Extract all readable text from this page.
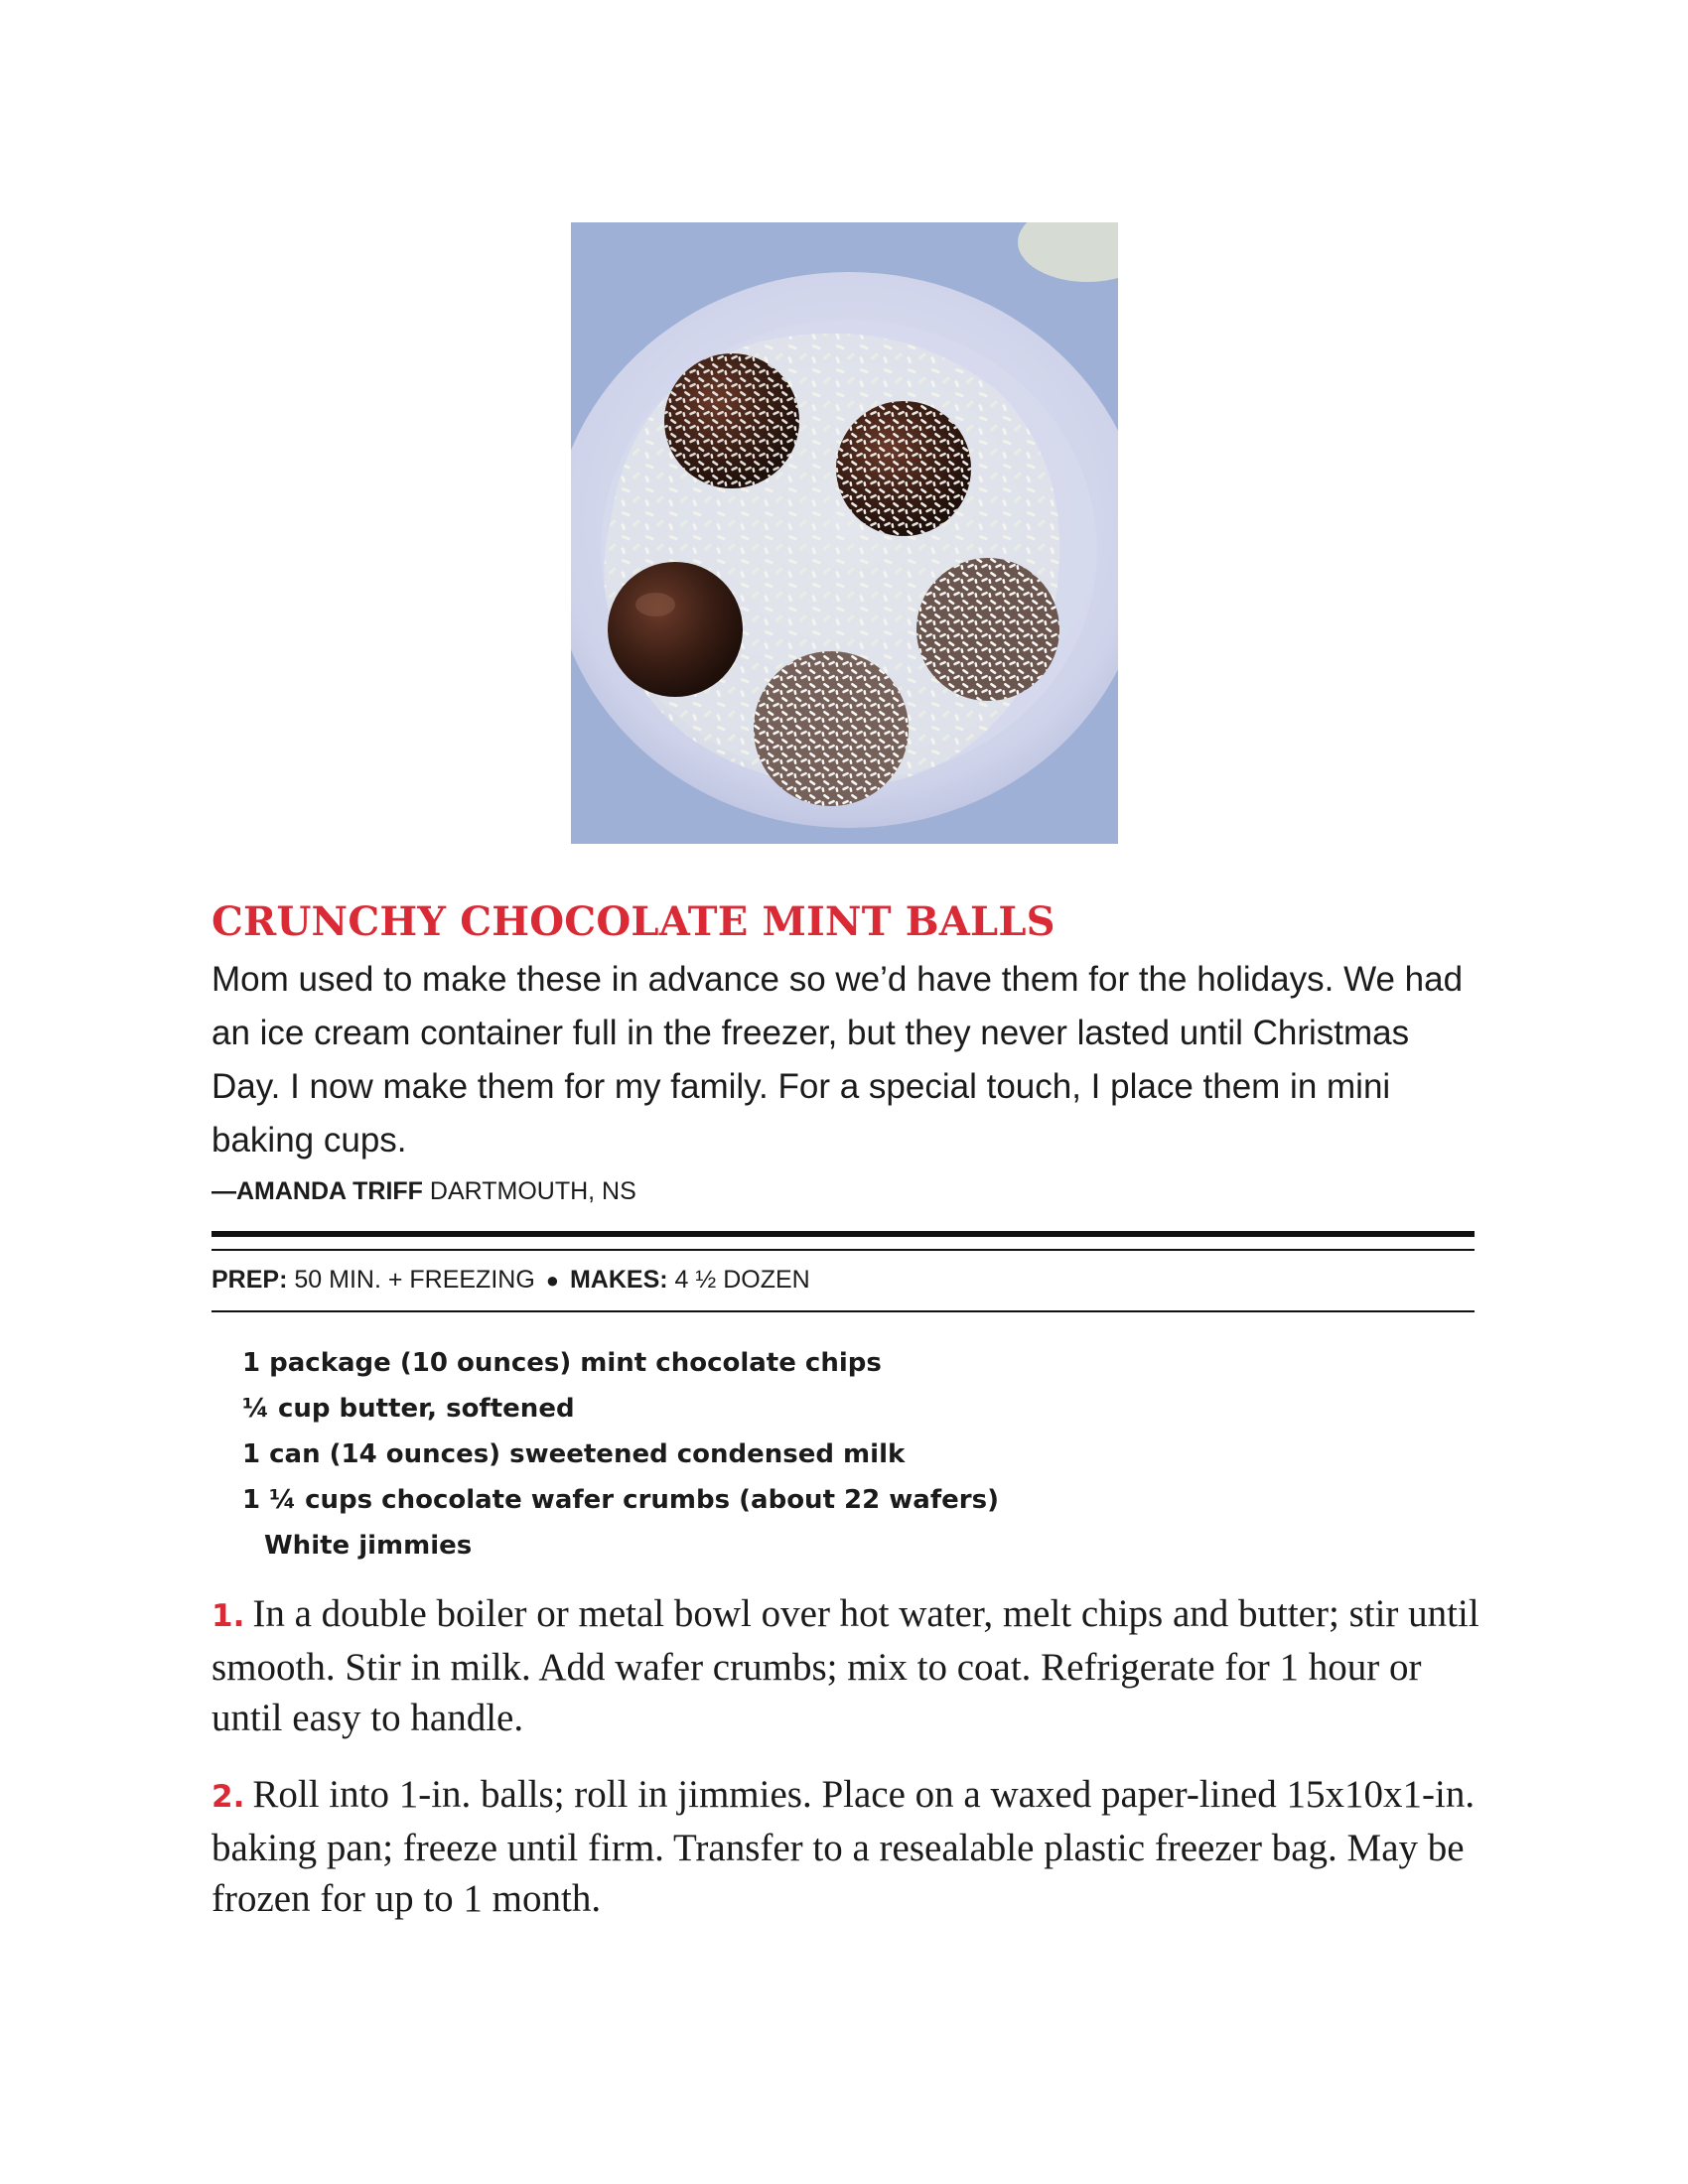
CRUNCHY CHOCOLATE MINT BALLS

Mom used to make these in advance so we’d have them for the holidays. We had an ice cream container full in the freezer, but they never lasted until Christmas Day. I now make them for my family. For a special touch, I place them in mini baking cups.

—AMANDA TRIFF DARTMOUTH, NS
PREP: 50 MIN. + FREEZING ● MAKES: 4 ½ DOZEN
1 package (10 ounces) mint chocolate chips
¼ cup butter, softened
1 can (14 ounces) sweetened condensed milk
1 ¼ cups chocolate wafer crumbs (about 22 wafers)
White jimmies

1. In a double boiler or metal bowl over hot water, melt chips and butter; stir until smooth. Stir in milk. Add wafer crumbs; mix to coat. Refrigerate for 1 hour or until easy to handle.

2. Roll into 1-in. balls; roll in jimmies. Place on a waxed paper-lined 15x10x1-in. baking pan; freeze until firm. Transfer to a resealable plastic freezer bag. May be frozen for up to 1 month.
